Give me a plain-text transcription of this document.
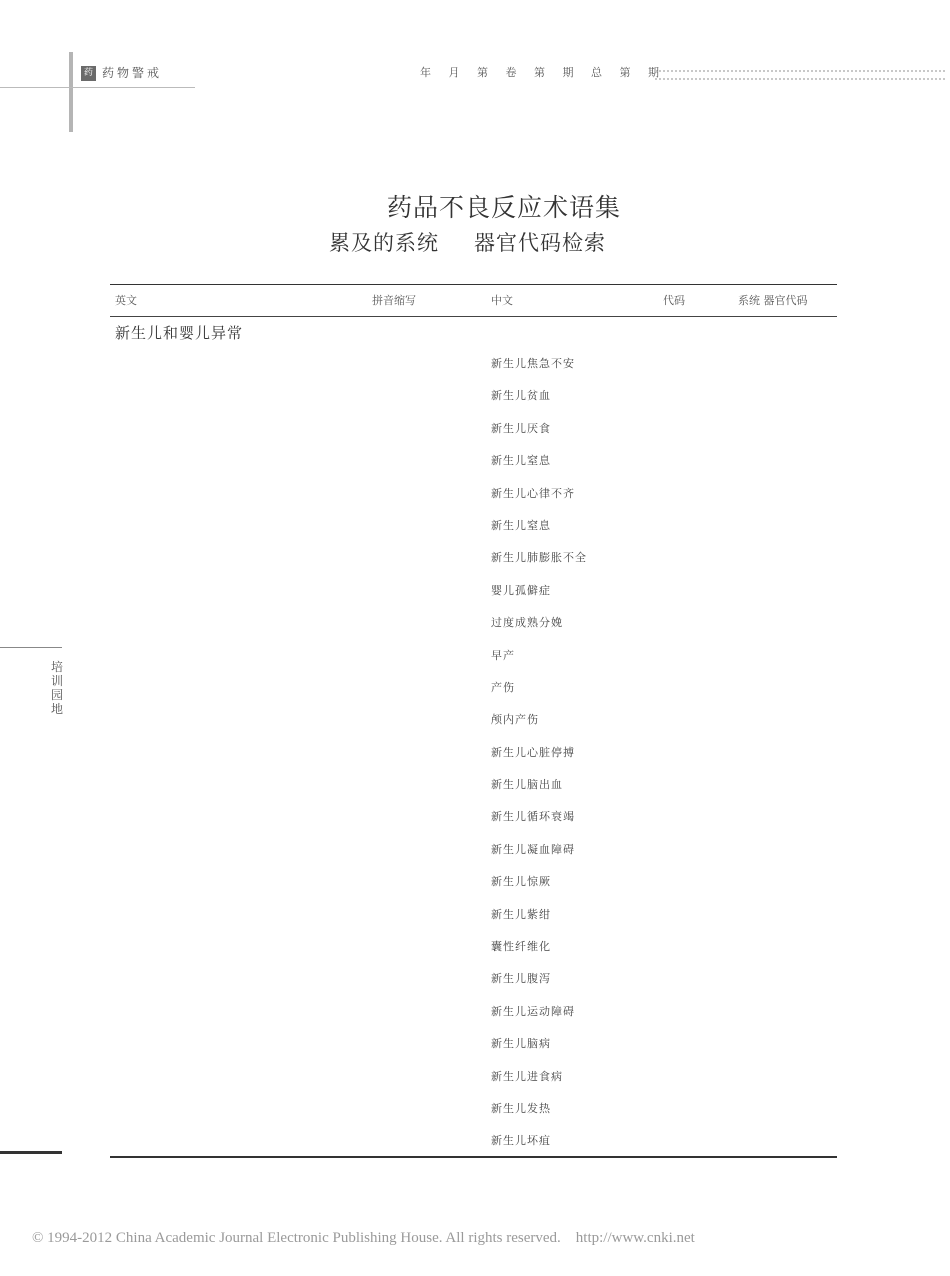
药 药物警戒	年 月 第 卷 第 期 总 第 期
药品不良反应术语集
累及的系统 器官代码检索
英文	拼音缩写	中文	代码	系统 器官代码
新生儿和婴儿异常
新生儿焦急不安
新生儿贫血
新生儿厌食
新生儿窒息
新生儿心律不齐
新生儿窒息
新生儿肺膨胀不全
婴儿孤僻症
过度成熟分娩
早产
产伤
颅内产伤
新生儿心脏停搏
新生儿脑出血
新生儿循环衰竭
新生儿凝血障碍
新生儿惊厥
新生儿紫绀
囊性纤维化
新生儿腹泻
新生儿运动障碍
新生儿脑病
新生儿进食病
新生儿发热
新生儿坏疽
培训园地
© 1994-2012 China Academic Journal Electronic Publishing House. All rights reserved.    http://www.cnki.net
